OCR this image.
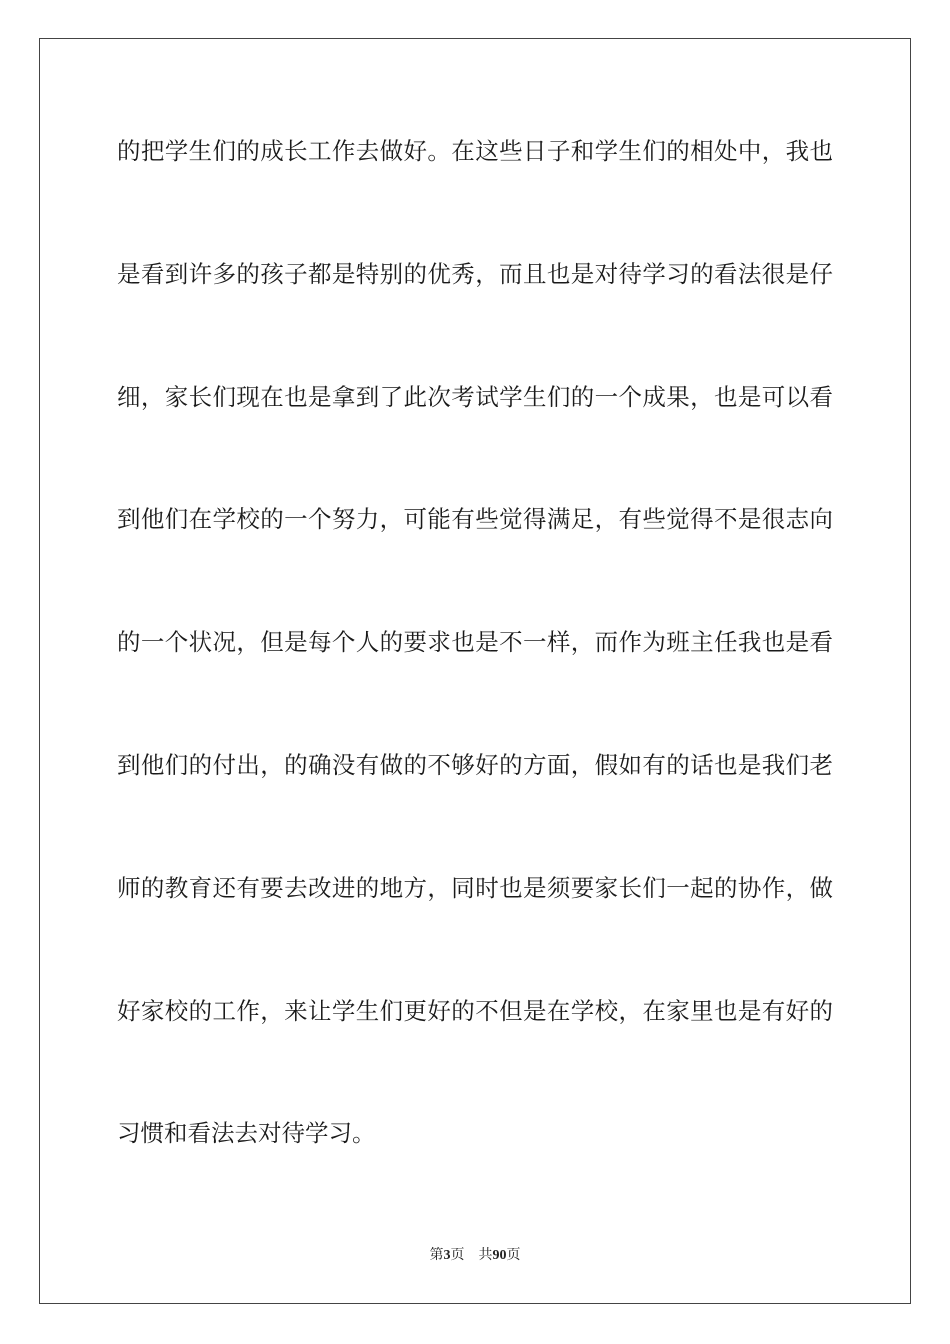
的把学生们的成长工作去做好。在这些日子和学生们的相处中，我也
是看到许多的孩子都是特别的优秀，而且也是对待学习的看法很是仔
细，家长们现在也是拿到了此次考试学生们的一个成果，也是可以看
到他们在学校的一个努力，可能有些觉得满足，有些觉得不是很志向
的一个状况，但是每个人的要求也是不一样，而作为班主任我也是看
到他们的付出，的确没有做的不够好的方面，假如有的话也是我们老
师的教育还有要去改进的地方，同时也是须要家长们一起的协作，做
好家校的工作，来让学生们更好的不但是在学校，在家里也是有好的
习惯和看法去对待学习。
第3页 共90页
